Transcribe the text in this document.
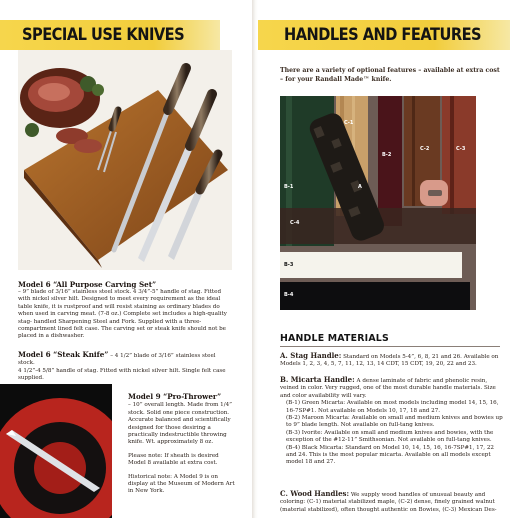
SPECIAL USE KNIVES
Model 6 “All Purpose Carving Set”

– 9” blade of 3/16” stainless steel stock. 4 3/4”-5” handle of stag. Fitted with nickel silver hilt. Designed to meet every requirement as the ideal table knife, it is rustproof and will resist staining as ordinary blades do when used in carving meat. (7-8 oz.) Complete set includes a high-quality stag- handled Sharpening Steel and Fork. Supplied with a three- compartment lined felt case. The carving set or steak knife should not be placed in a dishwasher.

Model 6 “Steak Knife” – 4 1/2” blade of 3/16” stainless steel stock.

4 1/2”-4 5/8” handle of stag. Fitted with nickel silver hilt. Single felt case supplied.

Model 9 “Pro-Thrower”
– 10” overall length. Made from 1/4” stock. Solid one piece construction. Accurate balanced and scientifically designed for those desiring a practically indestructible throwing knife. Wt. approximately 8 oz.

Please note: If sheath is desired Model 8 available at extra cost.

Historical note: A Model 9 is on display at the Museum of Modern Art in New York.

HANDLES AND FEATURES
There are a variety of optional features – available at extra cost – for your Randall Made™ knife.
C-1
B-2
A
C-2	C-3
B-1
C-4
B-3
B-4
HANDLE MATERIALS

A. Stag Handle: Standard on Models 5-4”, 6, 8, 21 and 26. Available on Models 1, 2, 3, 4, 5, 7, 11, 12, 13, 14 CDT, 15 CDT, 19, 20, 22 and 23.

B. Micarta Handle: A dense laminate of fabric and phenolic resin, veined in color. Very rugged, one of the most durable handle materials. Size and color availability will vary.

(B-1) Green Micarta: Available on most models including model 14, 15, 16, 16-7SP#1. Not available on Models 10, 17, 18 and 27.

(B-2) Maroon Micarta: Available on small and medium knives and bowies up to 9” blade length. Not available on full-tang knives.

(B-3) Ivorite: Available on small and medium knives and bowies, with the exception of the #12-11” Smithsonian. Not available on full-tang knives.

(B-4) Black Micarta: Standard on Model 10, 14, 15, 16, 16-7SP#1, 17, 22 and 24. This is the most popular micarta. Available on all models except model 18 and 27.

C. Wood Handles: We supply wood handles of unusual beauty and coloring: (C-1) material stabilized maple, (C-2) dense, finely grained walnut (material stabilized), often thought authentic on Bowies, (C-3) Mexican Des-
